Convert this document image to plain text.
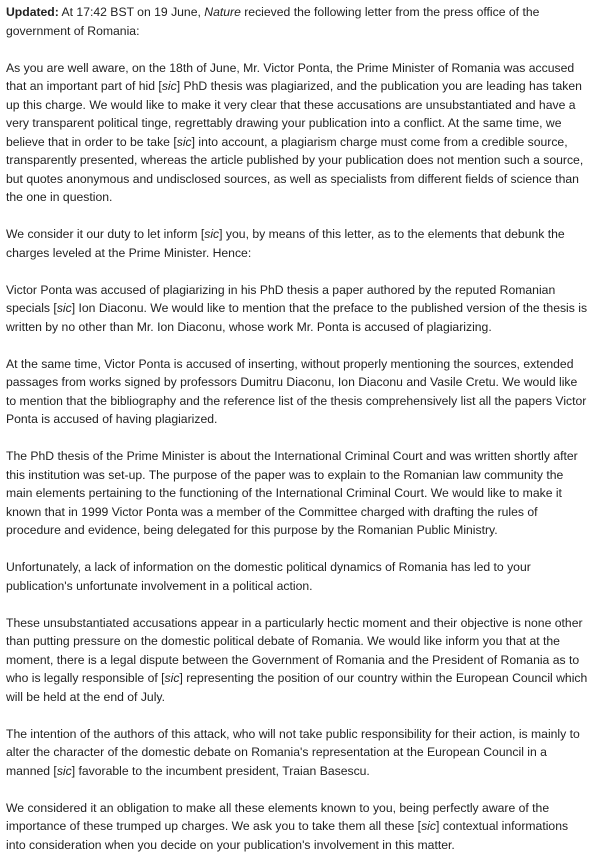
Updated: At 17:42 BST on 19 June, Nature recieved the following letter from the press office of the government of Romania:

As you are well aware, on the 18th of June, Mr. Victor Ponta, the Prime Minister of Romania was accused that an important part of hid [sic] PhD thesis was plagiarized, and the publication you are leading has taken up this charge. We would like to make it very clear that these accusations are unsubstantiated and have a very transparent political tinge, regrettably drawing your publication into a conflict. At the same time, we believe that in order to be take [sic] into account, a plagiarism charge must come from a credible source, transparently presented, whereas the article published by your publication does not mention such a source, but quotes anonymous and undisclosed sources, as well as specialists from different fields of science than the one in question.

We consider it our duty to let inform [sic] you, by means of this letter, as to the elements that debunk the charges leveled at the Prime Minister. Hence:

Victor Ponta was accused of plagiarizing in his PhD thesis a paper authored by the reputed Romanian specials [sic] Ion Diaconu. We would like to mention that the preface to the published version of the thesis is written by no other than Mr. Ion Diaconu, whose work Mr. Ponta is accused of plagiarizing.

At the same time, Victor Ponta is accused of inserting, without properly mentioning the sources, extended passages from works signed by professors Dumitru Diaconu, Ion Diaconu and Vasile Cretu. We would like to mention that the bibliography and the reference list of the thesis comprehensively list all the papers Victor Ponta is accused of having plagiarized.

The PhD thesis of the Prime Minister is about the International Criminal Court and was written shortly after this institution was set-up. The purpose of the paper was to explain to the Romanian law community the main elements pertaining to the functioning of the International Criminal Court. We would like to make it known that in 1999 Victor Ponta was a member of the Committee charged with drafting the rules of procedure and evidence, being delegated for this purpose by the Romanian Public Ministry.

Unfortunately, a lack of information on the domestic political dynamics of Romania has led to your publication's unfortunate involvement in a political action.

These unsubstantiated accusations appear in a particularly hectic moment and their objective is none other than putting pressure on the domestic political debate of Romania. We would like inform you that at the moment, there is a legal dispute between the Government of Romania and the President of Romania as to who is legally responsible of [sic] representing the position of our country within the European Council which will be held at the end of July.

The intention of the authors of this attack, who will not take public responsibility for their action, is mainly to alter the character of the domestic debate on Romania's representation at the European Council in a manned [sic] favorable to the incumbent president, Traian Basescu.

We considered it an obligation to make all these elements known to you, being perfectly aware of the importance of these trumped up charges. We ask you to take them all these [sic] contextual informations into consideration when you decide on your publication's involvement in this matter.
